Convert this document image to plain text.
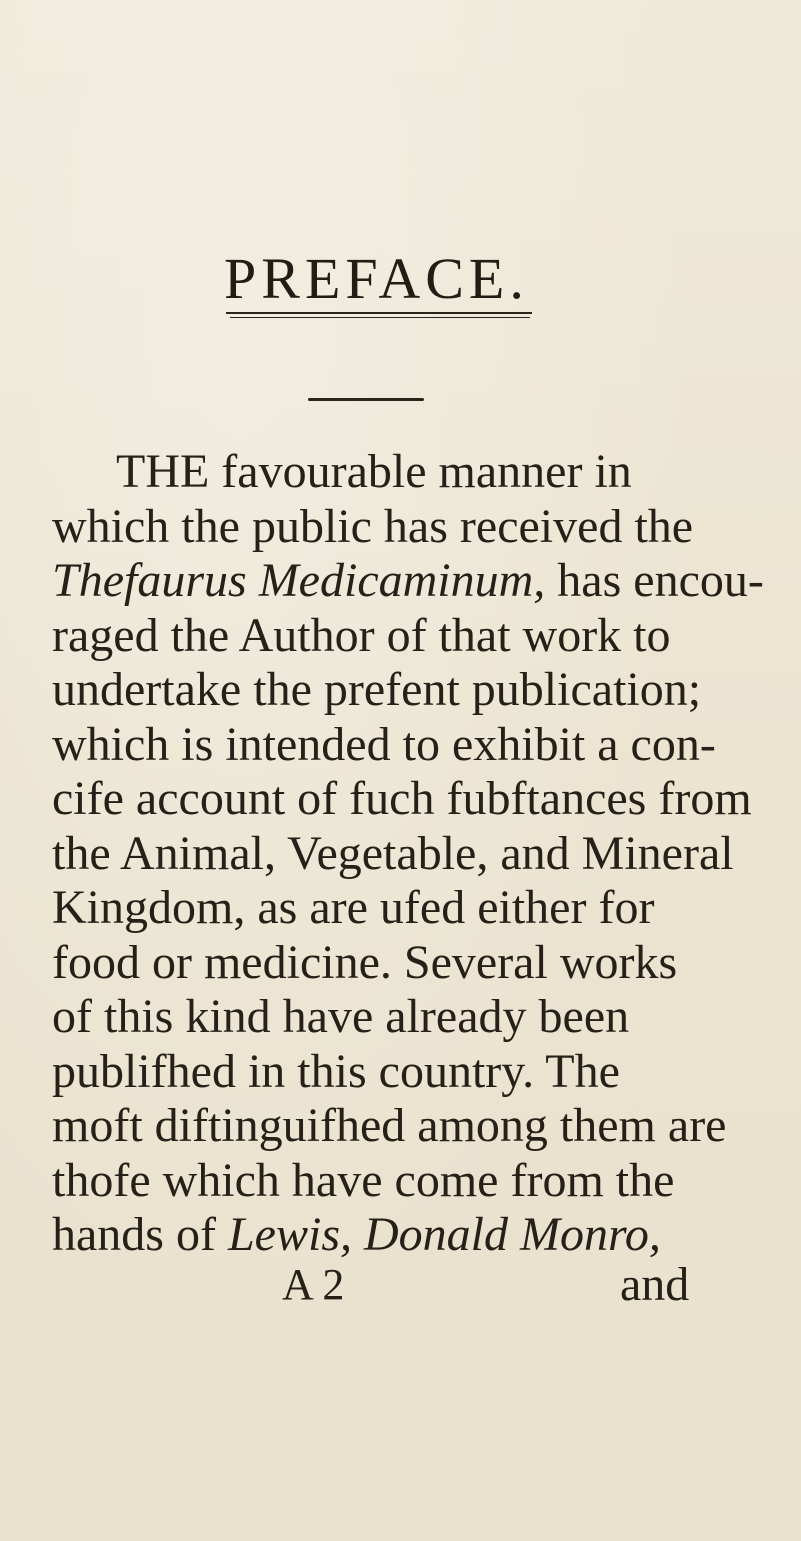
PREFACE.
THE favourable manner in
which the public has received the
Thefaurus Medicaminum, has encou-
raged the Author of that work to
undertake the prefent publication;
which is intended to exhibit a con-
cife account of fuch fubftances from
the Animal, Vegetable, and Mineral
Kingdom, as are ufed either for
food or medicine. Several works
of this kind have already been
publifhed in this country. The
moft diftinguifhed among them are
thofe which have come from the
hands of Lewis, Donald Monro,
A 2	and
